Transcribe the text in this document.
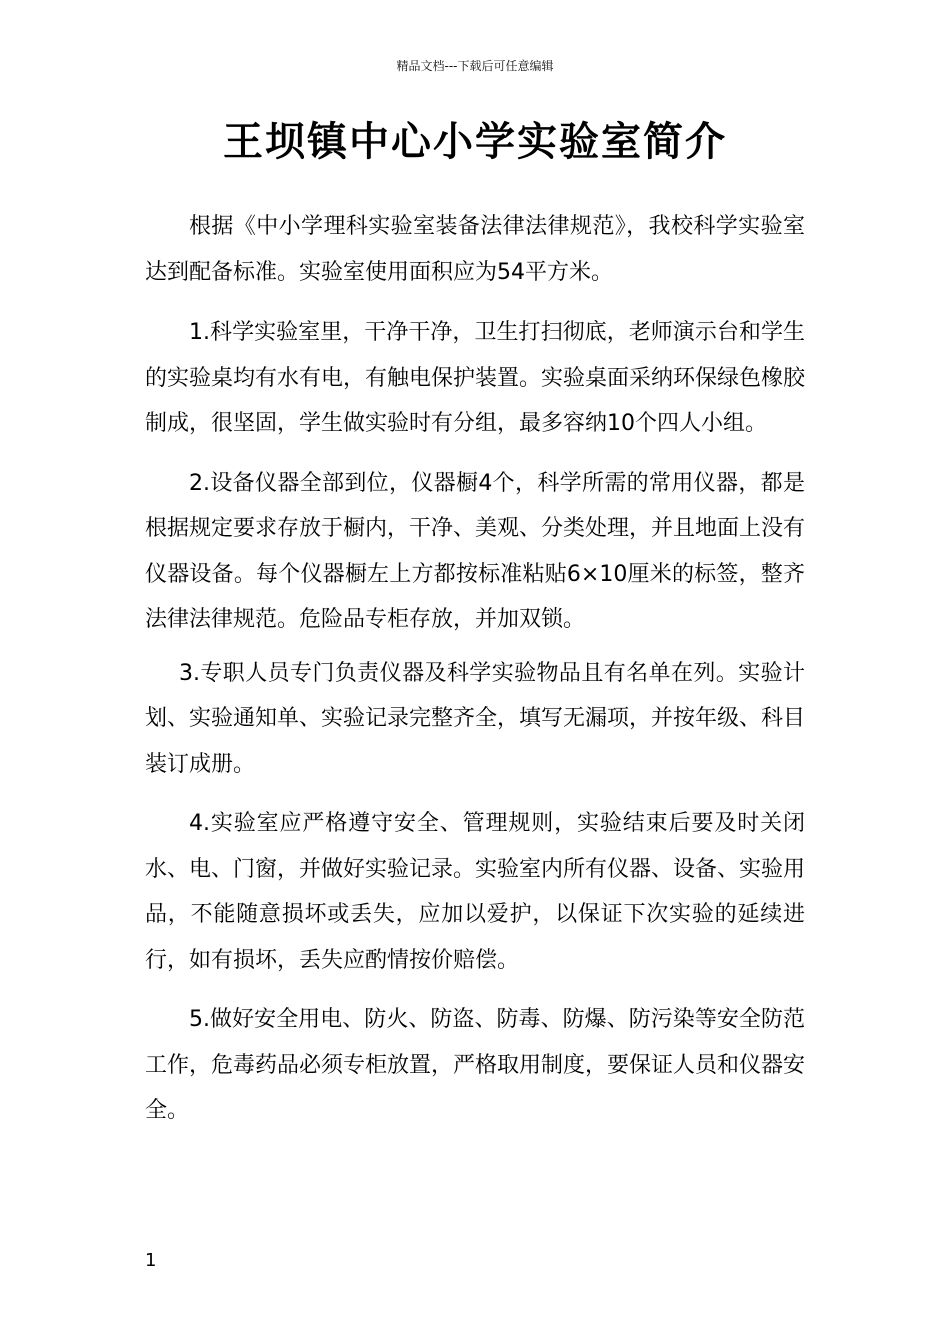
精品文档---下载后可任意编辑
王坝镇中心小学实验室简介

根据《中小学理科实验室装备法律法律规范》，我校科学实验室达到配备标准。实验室使用面积应为54平方米。

1.科学实验室里，干净干净，卫生打扫彻底，老师演示台和学生的实验桌均有水有电，有触电保护装置。实验桌面采纳环保绿色橡胶制成，很坚固，学生做实验时有分组，最多容纳10个四人小组。

2.设备仪器全部到位，仪器橱4个，科学所需的常用仪器，都是根据规定要求存放于橱内，干净、美观、分类处理，并且地面上没有仪器设备。每个仪器橱左上方都按标准粘贴6×10厘米的标签，整齐法律法律规范。危险品专柜存放，并加双锁。

3.专职人员专门负责仪器及科学实验物品且有名单在列。实验计划、实验通知单、实验记录完整齐全，填写无漏项，并按年级、科目装订成册。

4.实验室应严格遵守安全、管理规则，实验结束后要及时关闭水、电、门窗，并做好实验记录。实验室内所有仪器、设备、实验用品，不能随意损坏或丢失，应加以爱护，以保证下次实验的延续进行，如有损坏，丢失应酌情按价赔偿。

5.做好安全用电、防火、防盗、防毒、防爆、防污染等安全防范工作，危毒药品必须专柜放置，严格取用制度，要保证人员和仪器安全。

1
